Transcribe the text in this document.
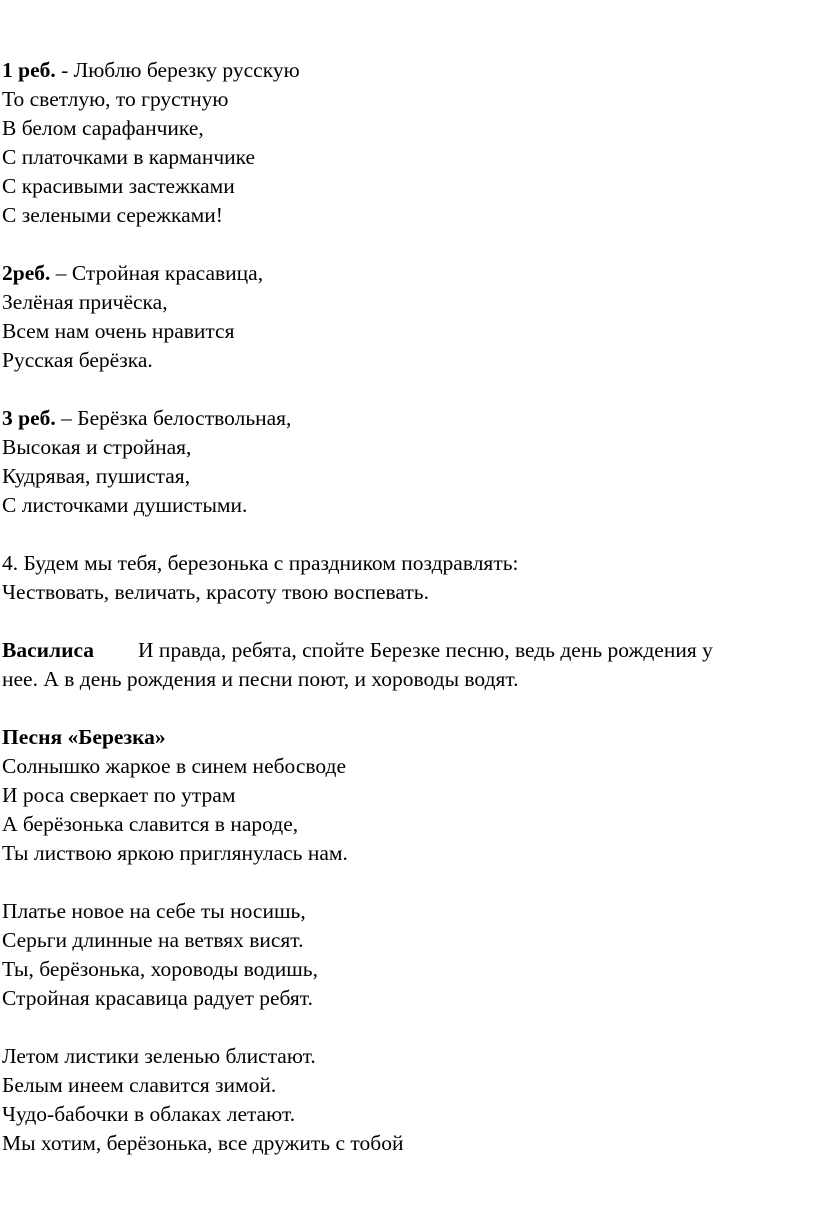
1 реб. - Люблю березку русскую

То светлую, то грустную

В белом сарафанчике,

С платочками в карманчике

С красивыми застежками

С зелеными сережками!

2реб. – Стройная красавица,

Зелёная причёска,

Всем нам очень нравится

Русская берёзка.

3 реб. – Берёзка белоствольная,

Высокая и стройная,

Кудрявая, пушистая,

С листочками душистыми.

4. Будем мы тебя, березонька с праздником поздравлять:

Чествовать, величать, красоту твою воспевать.

Василиса И правда, ребята, спойте Березке песню, ведь день рождения у

нее. А в день рождения и песни поют, и хороводы водят.

Песня «Березка»

Солнышко жаркое в синем небосводе

И роса сверкает по утрам

А берёзонька славится в народе,

Ты листвою яркою приглянулась нам.

Платье новое на себе ты носишь,

Серьги длинные на ветвях висят.

Ты, берёзонька, хороводы водишь,

Стройная красавица радует ребят.

Летом листики зеленью блистают.

Белым инеем славится зимой.

Чудо-бабочки в облаках летают.

Мы хотим, берёзонька, все дружить с тобой
